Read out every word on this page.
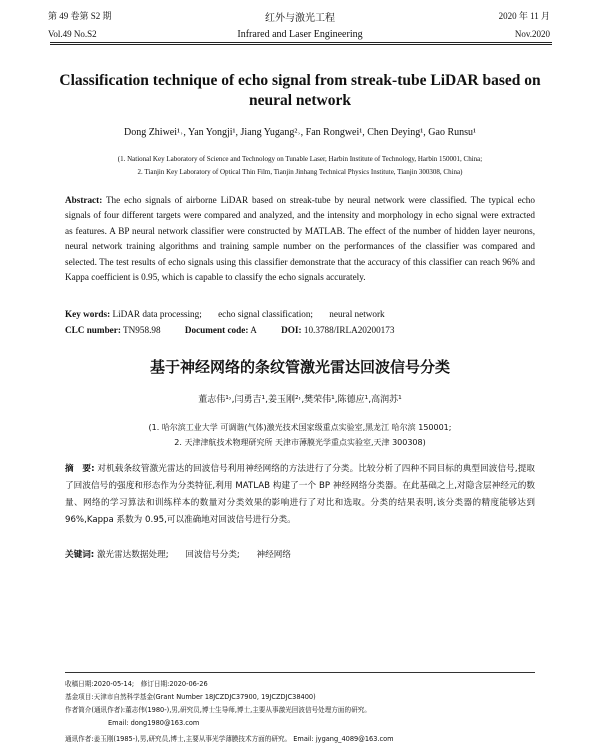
第 49 卷第 S2 期	红外与激光工程	2020 年 11 月
Vol.49 No.S2	Infrared and Laser Engineering	Nov.2020
Classification technique of echo signal from streak-tube LiDAR based on neural network
Dong Zhiwei¹˒, Yan Yongji¹, Jiang Yugang²˒, Fan Rongwei¹, Chen Deying¹, Gao Runsu¹
(1. National Key Laboratory of Science and Technology on Tunable Laser, Harbin Institute of Technology, Harbin 150001, China;
2. Tianjin Key Laboratory of Optical Thin Film, Tianjin Jinhang Technical Physics Institute, Tianjin 300308, China)
Abstract: The echo signals of airborne LiDAR based on streak-tube by neural network were classified. The typical echo signals of four different targets were compared and analyzed, and the intensity and morphology in echo signal were extracted as features. A BP neural network classifier were constructed by MATLAB. The effect of the number of hidden layer neurons, neural network training algorithms and training sample number on the performances of the classifier was compared and selected. The test results of echo signals using this classifier demonstrate that the accuracy of this classifier can reach 96% and Kappa coefficient is 0.95, which is capable to classify the echo signals accurately.
Key words: LiDAR data processing; echo signal classification; neural network
CLC number: TN958.98	Document code: A	DOI: 10.3788/IRLA20200173
基于神经网络的条纹管激光雷达回波信号分类
董志伟¹˒,闫勇吉¹,姜玉刚²˒,樊荣伟¹,陈德应¹,高润苏¹
(1. 哈尔滨工业大学 可调谐(气体)激光技术国家级重点实验室,黑龙江 哈尔滨 150001;
2. 天津津航技术物理研究所 天津市薄膜光学重点实验室,天津 300308)
摘　要: 对机载条纹管激光雷达的回波信号利用神经网络的方法进行了分类。比较分析了四种不同目标的典型回波信号,提取了回波信号的强度和形态作为分类特征,利用 MATLAB 构建了一个 BP 神经网络分类器。在此基础之上,对隐含层神经元的数量、网络的学习算法和训练样本的数量对分类效果的影响进行了对比和选取。分类的结果表明,该分类器的精度能够达到 96%,Kappa 系数为 0.95,可以准确地对回波信号进行分类。
关键词: 激光雷达数据处理; 回波信号分类; 神经网络
收稿日期:2020-05-14;　修订日期:2020-06-26
基金项目:天津市自然科学基金(Grant Number 18JCZDJC37900, 19JCZDJC38400)
作者简介(通讯作者):董志伟(1980-),男,研究员,博士生导师,博士,主要从事激光回波信号处理方面的研究。
Email: dong1980@163.com
通讯作者:姜玉刚(1985-),男,研究员,博士,主要从事光学薄膜技术方面的研究。 Email: jygang_4089@163.com
